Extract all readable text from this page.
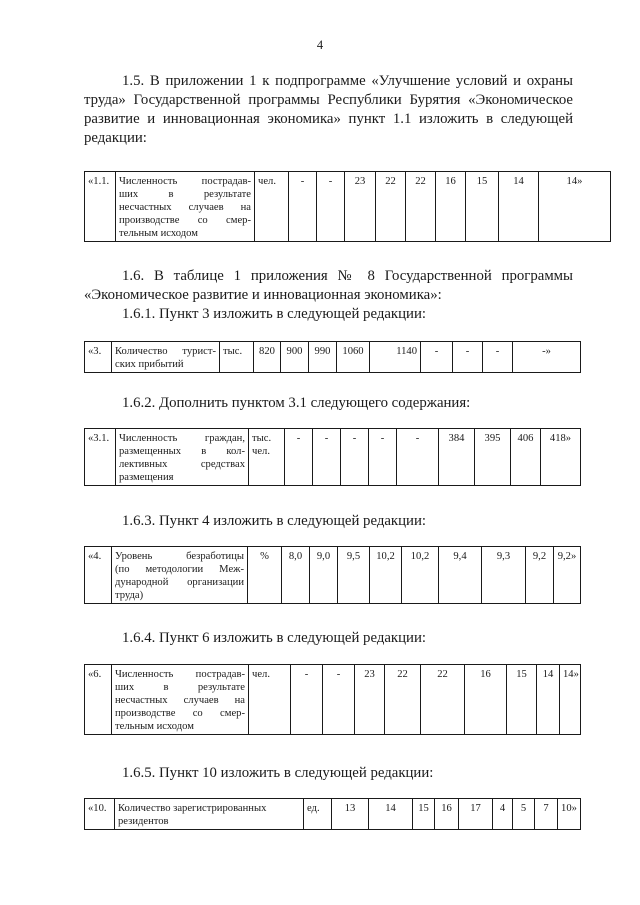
4
1.5. В приложении 1 к подпрограмме «Улучшение условий и охраны труда» Государственной программы Республики Бурятия «Экономическое развитие и инновационная экономика» пункт 1.1 изложить в следующей редакции:
«1.1.	Численность пострадав-
ших в результате
несчастных случаев на
производстве со смер-

тельным исходом
	чел.	-	-	23	22	22	16	15	14	14»
1.6. В таблице 1 приложения № 8 Государственной программы «Экономическое развитие и инновационная экономика»:
1.6.1. Пункт 3 изложить в следующей редакции:
«3.	Количество турист-

ских прибытий
	тыс.	820	900	990	1060	1140	-	-	-	-»
1.6.2. Дополнить пунктом 3.1 следующего содержания:
«3.1.	Численность граждан,
размещенных в кол-
лективных средствах

размещения
	тыс.
чел.	-	-	-	-	-	384	395	406	418»
1.6.3. Пункт 4 изложить в следующей редакции:
«4.	Уровень безработицы
(по методологии Меж-
дународной организации

труда)
	%	8,0	9,0	9,5	10,2	10,2	9,4	9,3	9,2	9,2»
1.6.4. Пункт 6 изложить в следующей редакции:
«6.	Численность пострадав-
ших в результате
несчастных случаев на
производстве со смер-

тельным исходом
	чел.	-	-	23	22	22	16	15	14	14»
1.6.5. Пункт 10 изложить в следующей редакции:
«10.	Количество зарегистрированных
резидентов	ед.	13	14	15	16	17	4	5	7	10»
